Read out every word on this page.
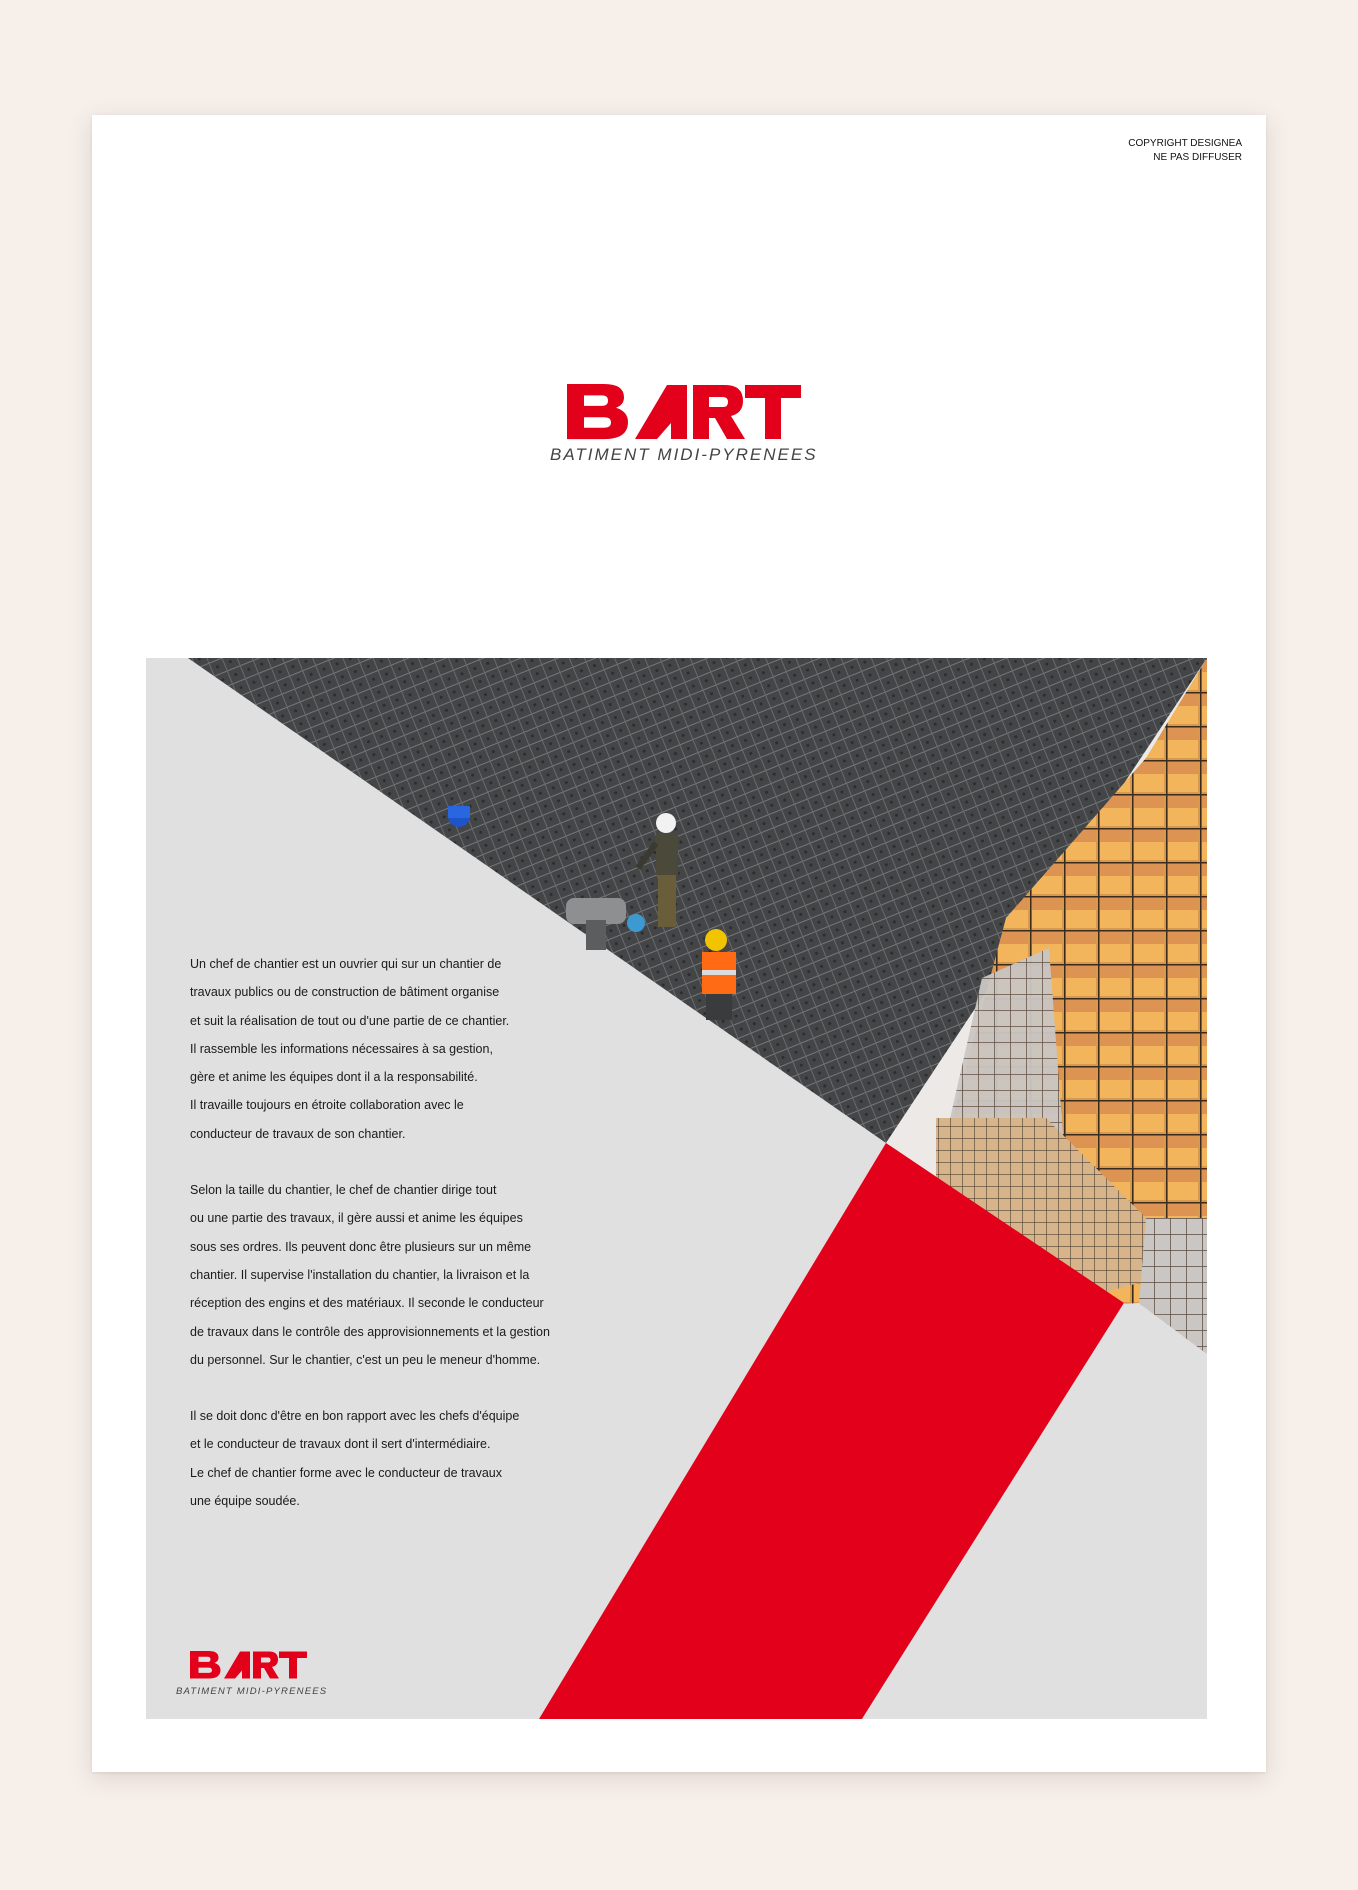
COPYRIGHT DESIGNEA
NE PAS DIFFUSER
BATIMENT MIDI-PYRENEES

Un chef de chantier est un ouvrier qui sur un chantier de
travaux publics ou de construction de bâtiment organise
et suit la réalisation de tout ou d'une partie de ce chantier.
Il rassemble les informations nécessaires à sa gestion,
gère et anime les équipes dont il a la responsabilité.
Il travaille toujours en étroite collaboration avec le
conducteur de travaux de son chantier.

Selon la taille du chantier, le chef de chantier dirige tout
ou une partie des travaux, il gère aussi et anime les équipes
sous ses ordres. Ils peuvent donc être plusieurs sur un même
chantier. Il supervise l'installation du chantier, la livraison et la
réception des engins et des matériaux. Il seconde le conducteur
de travaux dans le contrôle des approvisionnements et la gestion
du personnel. Sur le chantier, c'est un peu le meneur d'homme.

Il se doit donc d'être en bon rapport avec les chefs d'équipe
et le conducteur de travaux dont il sert d'intermédiaire.
Le chef de chantier forme avec le conducteur de travaux
une équipe soudée.

BATIMENT MIDI-PYRENEES
